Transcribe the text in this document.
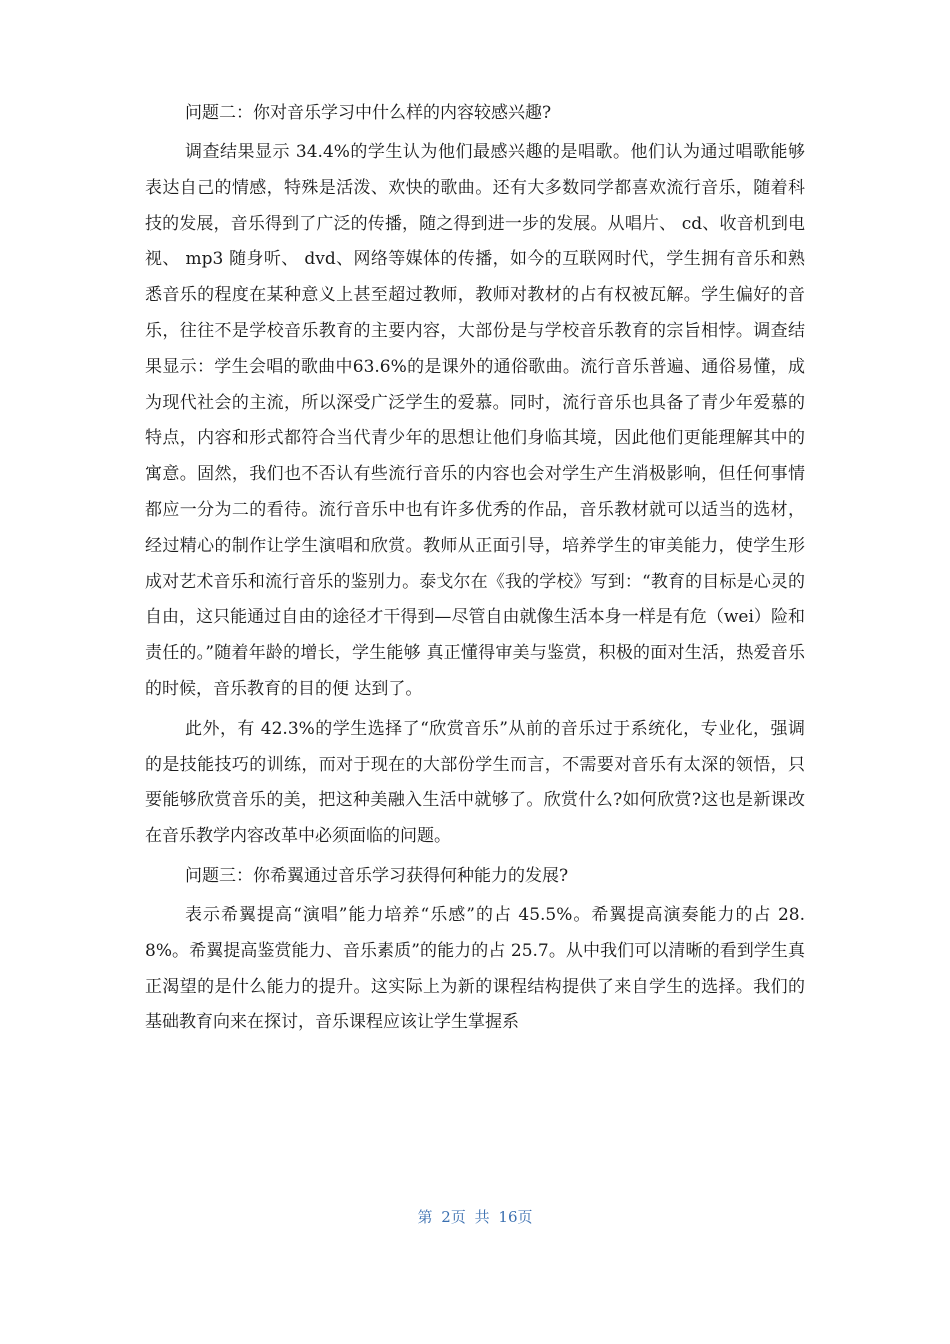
问题二：你对音乐学习中什么样的内容较感兴趣?

调查结果显示 34.4%的学生认为他们最感兴趣的是唱歌。他们认为通过唱歌能够表达自己的情感，特殊是活泼、欢快的歌曲。还有大多数同学都喜欢流行音乐，随着科技的发展，音乐得到了广泛的传播，随之得到进一步的发展。从唱片、 cd、收音机到电视、 mp3 随身听、 dvd、网络等媒体的传播，如今的互联网时代，学生拥有音乐和熟悉音乐的程度在某种意义上甚至超过教师，教师对教材的占有权被瓦解。学生偏好的音乐，往往不是学校音乐教育的主要内容，大部份是与学校音乐教育的宗旨相悖。调查结果显示：学生会唱的歌曲中63.6%的是课外的通俗歌曲。流行音乐普遍、通俗易懂，成为现代社会的主流，所以深受广泛学生的爱慕。同时，流行音乐也具备了青少年爱慕的特点，内容和形式都符合当代青少年的思想让他们身临其境，因此他们更能理解其中的寓意。固然，我们也不否认有些流行音乐的内容也会对学生产生消极影响，但任何事情都应一分为二的看待。流行音乐中也有许多优秀的作品，音乐教材就可以适当的选材，经过精心的制作让学生演唱和欣赏。教师从正面引导，培养学生的审美能力，使学生形成对艺术音乐和流行音乐的鉴别力。泰戈尔在《我的学校》写到：“教育的目标是心灵的自由，这只能通过自由的途径才干得到—尽管自由就像生活本身一样是有危（wei）险和责任的。”随着年龄的增长，学生能够 真正懂得审美与鉴赏，积极的面对生活，热爱音乐的时候，音乐教育的目的便 达到了。

此外，有 42.3%的学生选择了“欣赏音乐”从前的音乐过于系统化，专业化，强调的是技能技巧的训练，而对于现在的大部份学生而言，不需要对音乐有太深的领悟，只要能够欣赏音乐的美，把这种美融入生活中就够了。欣赏什么?如何欣赏?这也是新课改在音乐教学内容改革中必须面临的问题。

问题三：你希翼通过音乐学习获得何种能力的发展?

表示希翼提高“演唱”能力培养“乐感”的占 45.5%。希翼提高演奏能力的占 28.8%。希翼提高鉴赏能力、音乐素质”的能力的占 25.7。从中我们可以清晰的看到学生真正渴望的是什么能力的提升。这实际上为新的课程结构提供了来自学生的选择。我们的基础教育向来在探讨，音乐课程应该让学生掌握系

第 2页 共 16页
